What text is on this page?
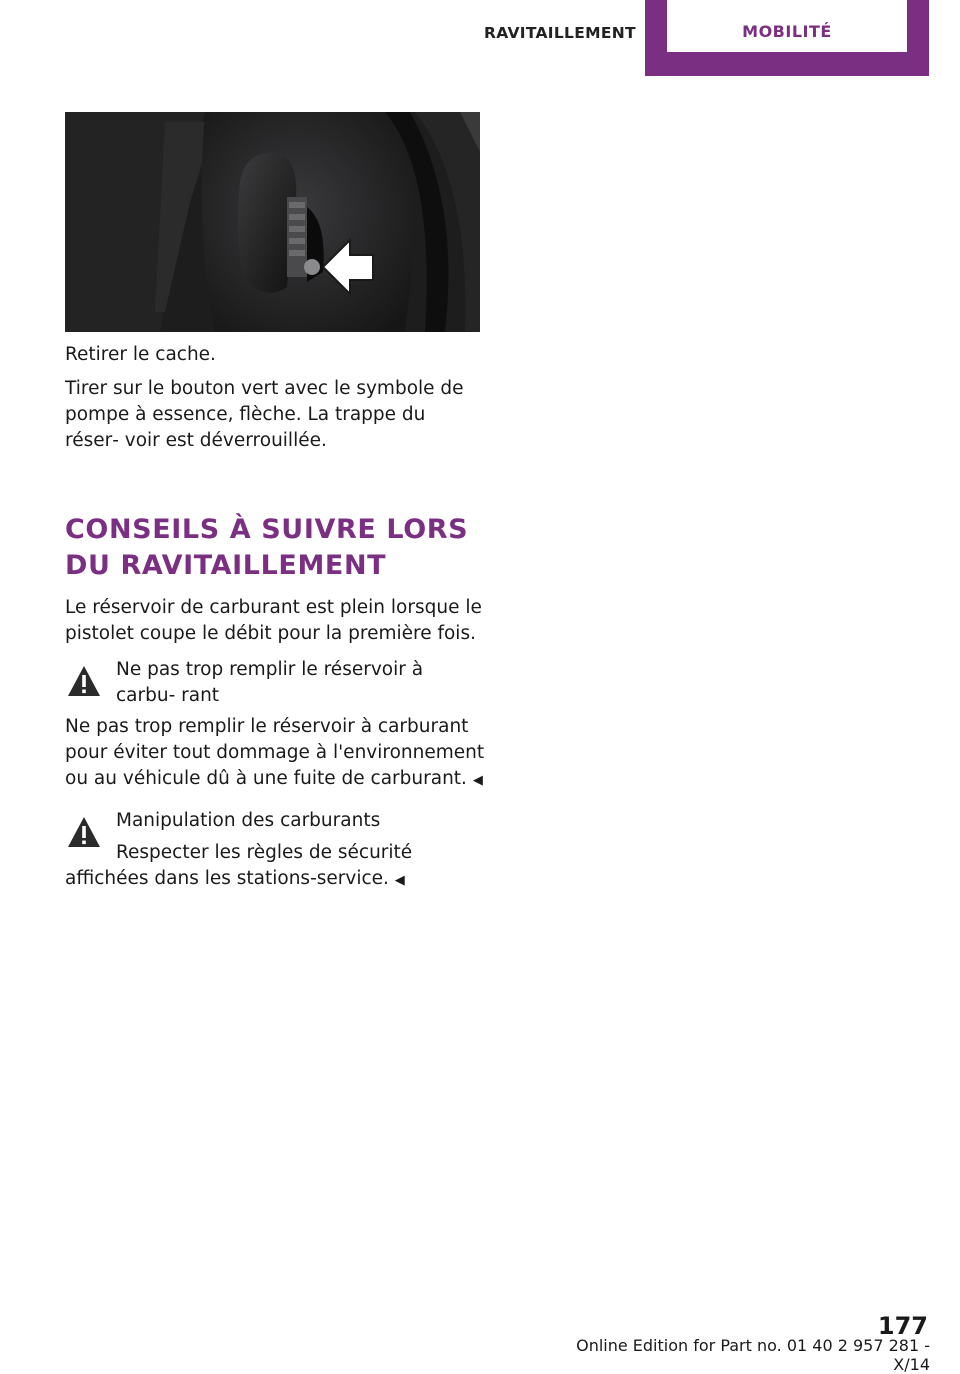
RAVITAILLEMENT	MOBILITÉ

Retirer le cache.

Tirer sur le bouton vert avec le symbole de pompe à essence, flèche. La trappe du réser‐ voir est déverrouillée.

CONSEILS À SUIVRE LORS DU RAVITAILLEMENT
Le réservoir de carburant est plein lorsque le pistolet coupe le débit pour la première fois.
Ne pas trop remplir le réservoir à carbu‐ rant
Ne pas trop remplir le réservoir à carburant pour éviter tout dommage à l'environnement ou au véhicule dû à une fuite de carburant. ◀
Manipulation des carburants
Respecter les règles de sécurité affichées dans les stations-service. ◀
177
Online Edition for Part no. 01 40 2 957 281 - X/14
